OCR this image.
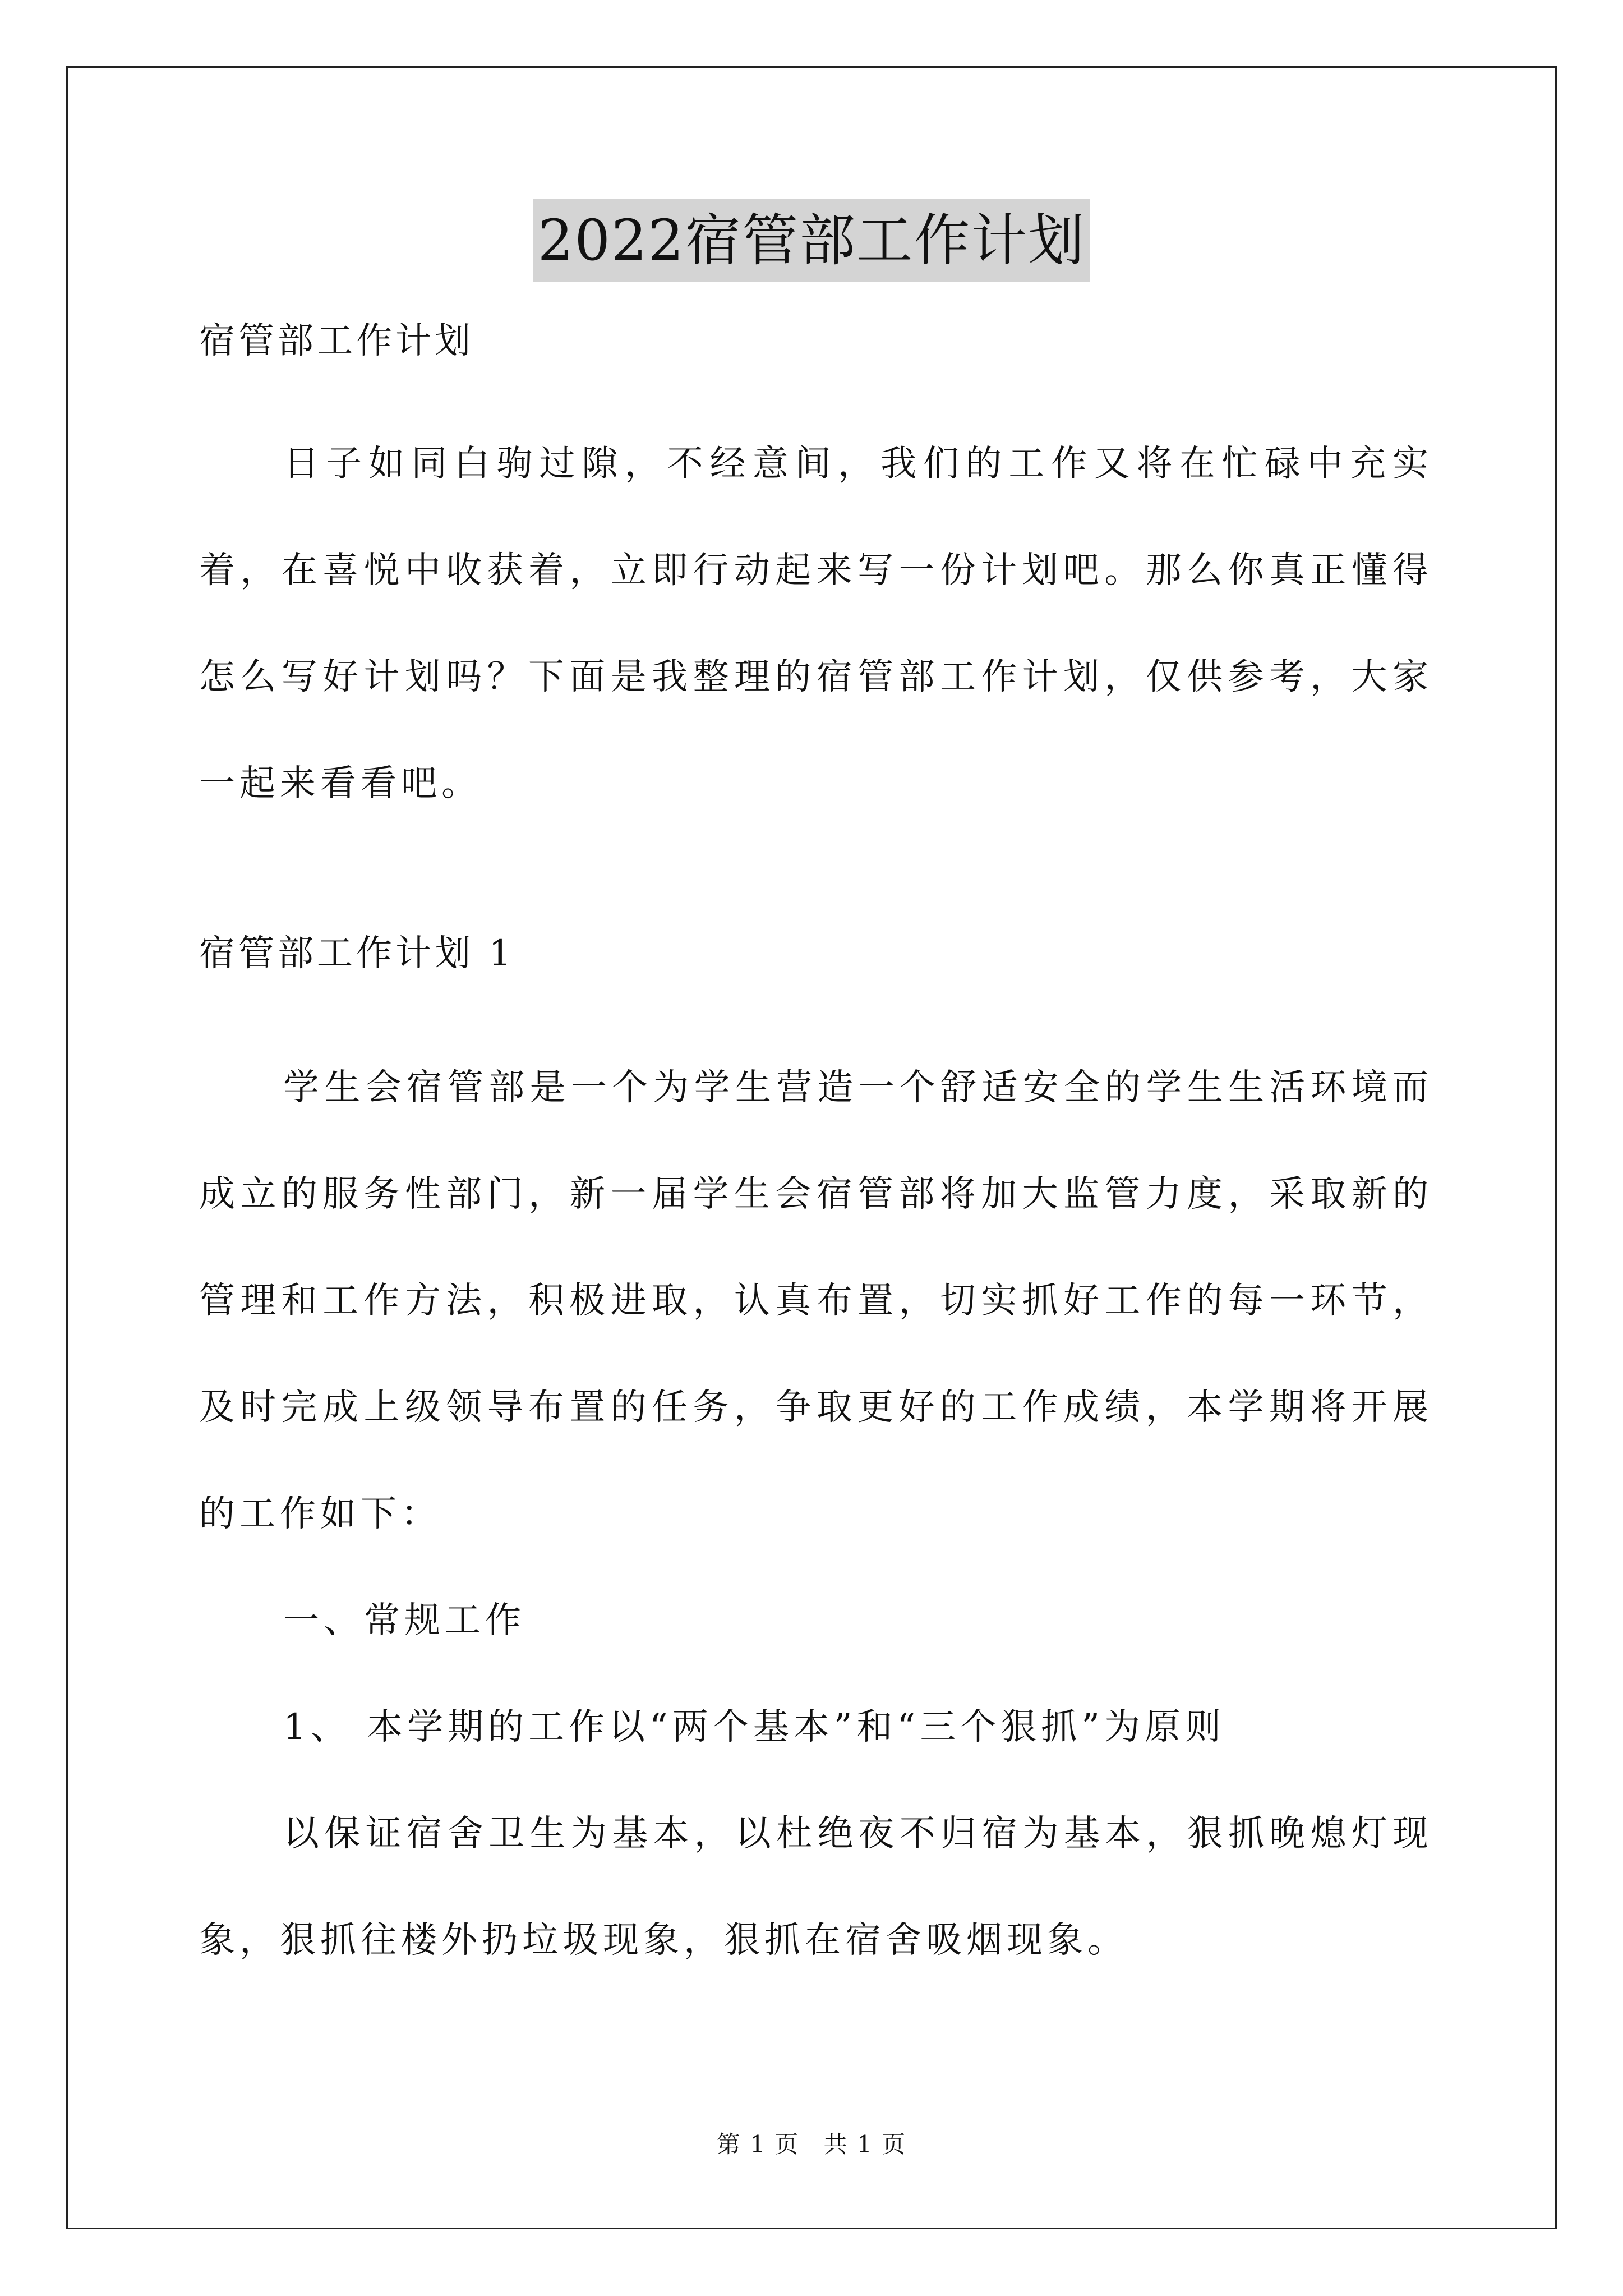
2022宿管部工作计划

宿管部工作计划

日子如同白驹过隙，不经意间，我们的工作又将在忙碌中充实着，在喜悦中收获着，立即行动起来写一份计划吧。那么你真正懂得怎么写好计划吗？下面是我整理的宿管部工作计划，仅供参考，大家一起来看看吧。

宿管部工作计划 1

学生会宿管部是一个为学生营造一个舒适安全的学生生活环境而成立的服务性部门，新一届学生会宿管部将加大监管力度，采取新的管理和工作方法，积极进取，认真布置，切实抓好工作的每一环节，及时完成上级领导布置的任务，争取更好的工作成绩，本学期将开展的工作如下：

一、常规工作

1、 本学期的工作以“两个基本”和“三个狠抓”为原则

以保证宿舍卫生为基本，以杜绝夜不归宿为基本，狠抓晚熄灯现象，狠抓往楼外扔垃圾现象，狠抓在宿舍吸烟现象。

第 1 页 共 1 页
